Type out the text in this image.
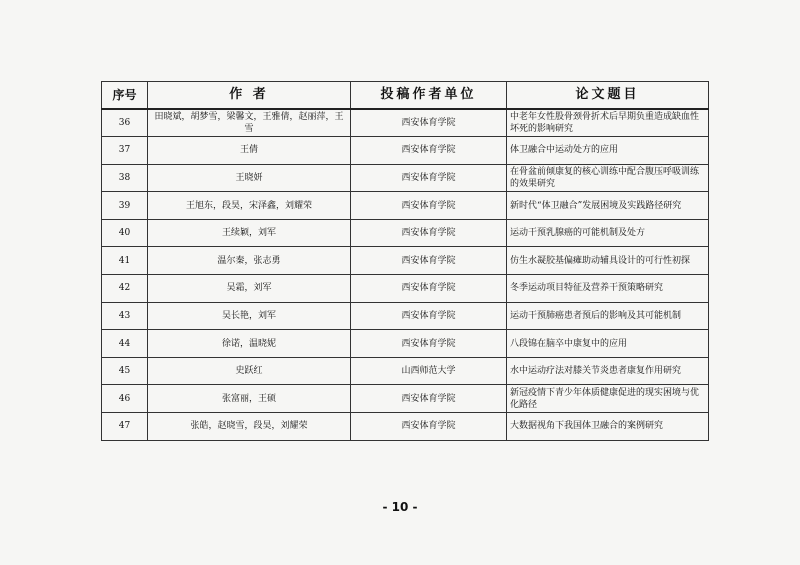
序号	作 者	投稿作者单位	论文题目
36	田晓斌，胡梦雪，梁馨文，王雅倩，赵丽萍，王雪	西安体育学院	中老年女性股骨颈骨折术后早期负重造成缺血性坏死的影响研究
37	王倩	西安体育学院	体卫融合中运动处方的应用
38	王晓妍	西安体育学院	在骨盆前倾康复的核心训练中配合腹压呼吸训练的效果研究
39	王旭东，段昊，宋泽鑫，刘耀荣	西安体育学院	新时代“体卫融合”发展困境及实践路径研究
40	王续颖，刘军	西安体育学院	运动干预乳腺癌的可能机制及处方
41	温尔秦，张志勇	西安体育学院	仿生水凝胶基偏瘫助动辅具设计的可行性初探
42	吴霜，刘军	西安体育学院	冬季运动项目特征及营养干预策略研究
43	吴长艳，刘军	西安体育学院	运动干预肺癌患者预后的影响及其可能机制
44	徐诺，温晓妮	西安体育学院	八段锦在脑卒中康复中的应用
45	史跃红	山西师范大学	水中运动疗法对膝关节炎患者康复作用研究
46	张富丽，王硕	西安体育学院	新冠疫情下青少年体质健康促进的现实困境与优化路径
47	张皓，赵晓雪，段昊，刘耀荣	西安体育学院	大数据视角下我国体卫融合的案例研究
- 10 -
